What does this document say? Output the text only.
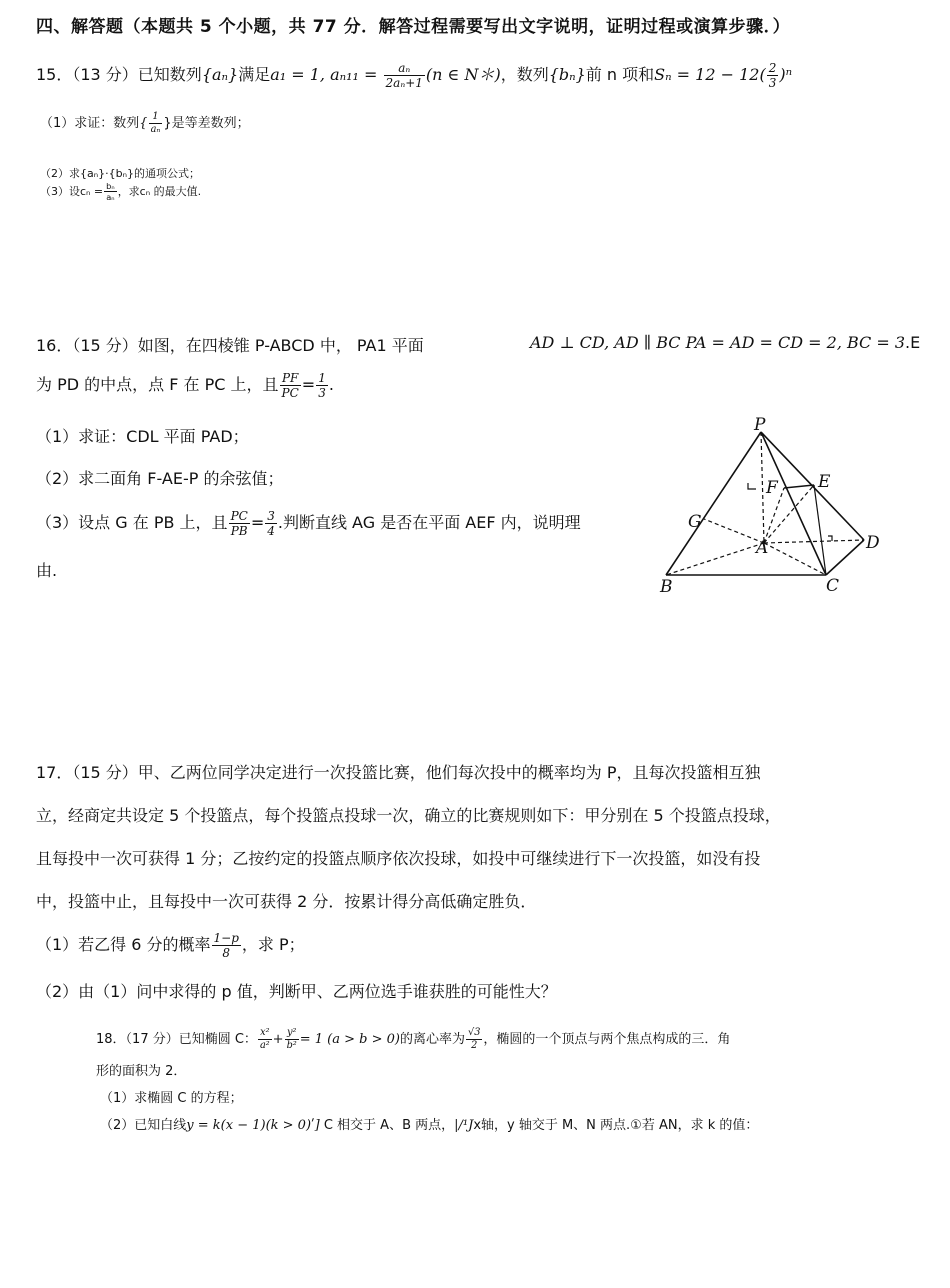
四、解答题（本题共 5 个小题，共 77 分．解答过程需要写出文字说明，证明过程或演算步骤．）
15．（13 分）已知数列{aₙ}满足a₁ = 1, $a_{n11} = \frac{\text{aₙ}}{\text{2aₙ+1}} (n$ ∈ N＊)，数列{bₙ}前 n 项和$S_n = 12 - 12( \frac{2}{3} )^n$
（1）求证：数列{ $\frac{1}{\text{aₙ}}$ }是等差数列；
（2）求{aₙ}·{bₙ}的通项公式；
（3）设$c_n = \frac{\text{bₙ}}{\text{aₙ}}$ ，求cₙ 的最大值.
16．（15 分）如图，在四棱锥 P-ABCD 中， PA1 平面	AD ⊥ CD, AD ∥ BC PA = AD = CD = 2, BC = 3.E
为 PD 的中点，点 F 在 PC 上，且 $\frac{PF}{PC} = \frac{1}{3}$ .
（1）求证：CDL 平面 PAD；
（2）求二面角 F-AE-P 的余弦值；
（3）设点 G 在 PB 上，且 $\frac{PC}{PB} = \frac{3}{4}$ .判断直线 AG 是否在平面 AEF 内，说明理
由.
P
F E
G
A	D
B	C
17．（15 分）甲、乙两位同学决定进行一次投篮比赛，他们每次投中的概率均为 P，且每次投篮相互独
立，经商定共设定 5 个投篮点，每个投篮点投球一次，确立的比赛规则如下：甲分别在 5 个投篮点投球，
且每投中一次可获得 1 分；乙按约定的投篮点顺序依次投球，如投中可继续进行下一次投篮，如没有投
中，投篮中止，且每投中一次可获得 2 分．按累计得分高低确定胜负．
（1）若乙得 6 分的概率 $\frac{1-p}{8}$ ，求 P；
（2）由（1）问中求得的 p 值，判断甲、乙两位选手谁获胜的可能性大？
18．（17 分）已知椭圆 C： $\frac{\text{x²}}{\text{a²}} + \frac{\text{y²}}{\text{b²}} = 1$ (a > b > 0)的离心率为 $\frac{√3}{2}$ ，椭圆的一个顶点与两个焦点构成的三．角
形的面积为 2．
（1）求椭圆 C 的方程；
（2）已知白线y = k(x − 1)(k > 0)ʹ] C 相交于 A、B 两点，|/¹Jx轴，y 轴交于 M、N 两点.①若 AN，求 k 的值：
